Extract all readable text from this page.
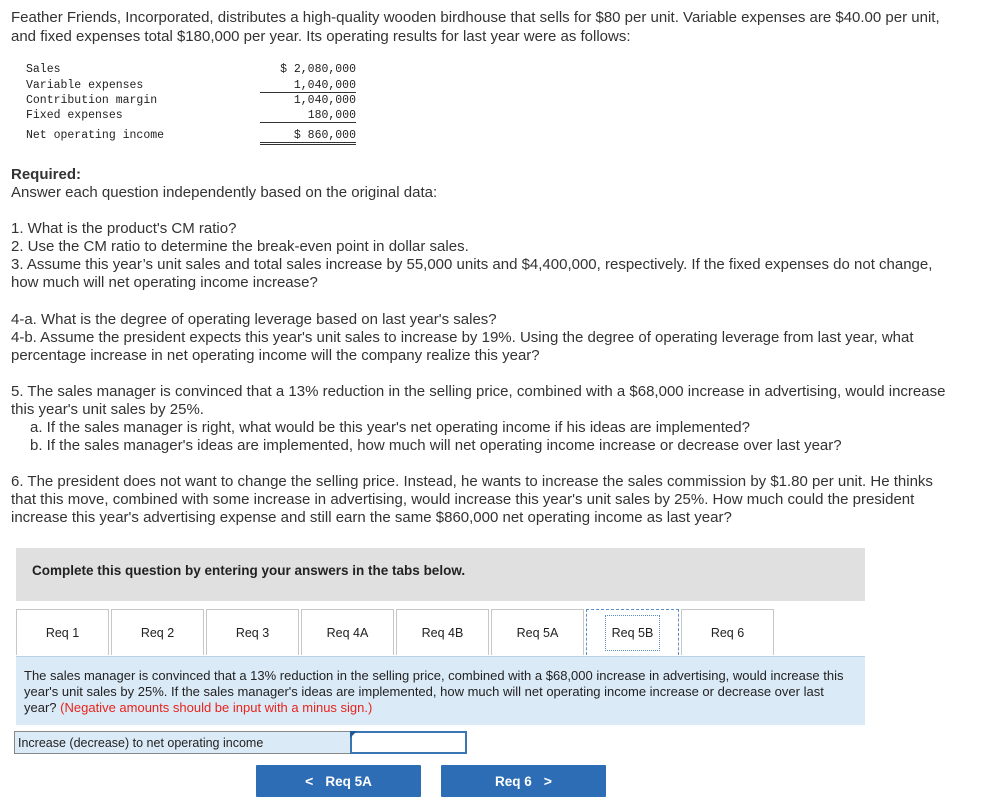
Feather Friends, Incorporated, distributes a high-quality wooden birdhouse that sells for $80 per unit. Variable expenses are $40.00 per unit, and fixed expenses total $180,000 per year. Its operating results for last year were as follows:
Sales	$ 2,080,000
Variable expenses	1,040,000
Contribution margin	1,040,000
Fixed expenses	180,000
Net operating income	$ 860,000
Required:
Answer each question independently based on the original data:

1. What is the product's CM ratio?

2. Use the CM ratio to determine the break-even point in dollar sales.

3. Assume this year’s unit sales and total sales increase by 55,000 units and $4,400,000, respectively. If the fixed expenses do not change, how much will net operating income increase?

4-a. What is the degree of operating leverage based on last year's sales?

4-b. Assume the president expects this year's unit sales to increase by 19%. Using the degree of operating leverage from last year, what percentage increase in net operating income will the company realize this year?

5. The sales manager is convinced that a 13% reduction in the selling price, combined with a $68,000 increase in advertising, would increase this year's unit sales by 25%.

a. If the sales manager is right, what would be this year's net operating income if his ideas are implemented?

b. If the sales manager's ideas are implemented, how much will net operating income increase or decrease over last year?

6. The president does not want to change the selling price. Instead, he wants to increase the sales commission by $1.80 per unit. He thinks that this move, combined with some increase in advertising, would increase this year's unit sales by 25%. How much could the president increase this year's advertising expense and still earn the same $860,000 net operating income as last year?

Complete this question by entering your answers in the tabs below.
Req 1	Req 2	Req 3	Req 4A	Req 4B	Req 5A	Req 5B	Req 6
The sales manager is convinced that a 13% reduction in the selling price, combined with a $68,000 increase in advertising, would increase this year's unit sales by 25%. If the sales manager's ideas are implemented, how much will net operating income increase or decrease over last year? (Negative amounts should be input with a minus sign.)
Increase (decrease) to net operating income
< Req 5A	Req 6 >
